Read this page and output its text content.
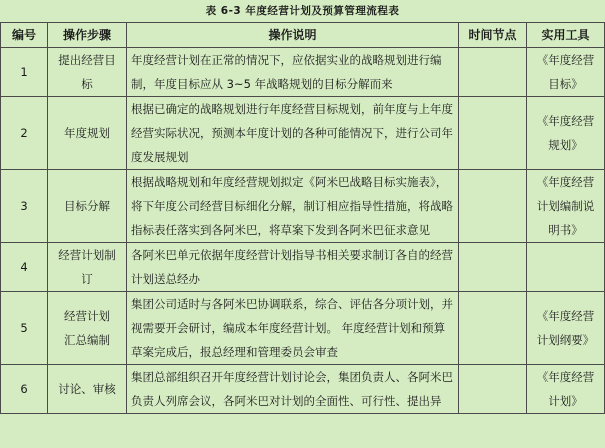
表 6-3 年度经营计划及预算管理流程表
编号	操作步骤	操作说明	时间节点	实用工具
1	提出经营目标	年度经营计划在正常的情况下，应依据实业的战略规划进行编制，年度目标应从 3~5 年战略规划的目标分解而来		《年度经营目标》

2	年度规划	根据已确定的战略规划进行年度经营目标规划，前年度与上年度经营实际状况，预测本年度计划的各种可能情况下，进行公司年度发展规划		《年度经营规划》

3	目标分解	根据战略规划和年度经营规划拟定《阿米巴战略目标实施表》，将下年度公司经营目标细化分解，制订相应指导性措施，将战略指标表任落实到各阿米巴，将草案下发到各阿米巴征求意见		《年度经营计划编制说明书》

4	经营计划制订	各阿米巴单元依据年度经营计划指导书相关要求制订各自的经营计划送总经办		
5	经营计划汇总编制	集团公司适时与各阿米巴协调联系，综合、评估各分项计划，并视需要开会研讨，编成本年度经营计划。 年度经营计划和预算草案完成后，报总经理和管理委员会审查		《年度经营计划纲要》

6	讨论、审核	集团总部组织召开年度经营计划讨论会，集团负责人、各阿米巴负责人列席会议，各阿米巴对计划的全面性、可行性、提出异		《年度经营计划》
